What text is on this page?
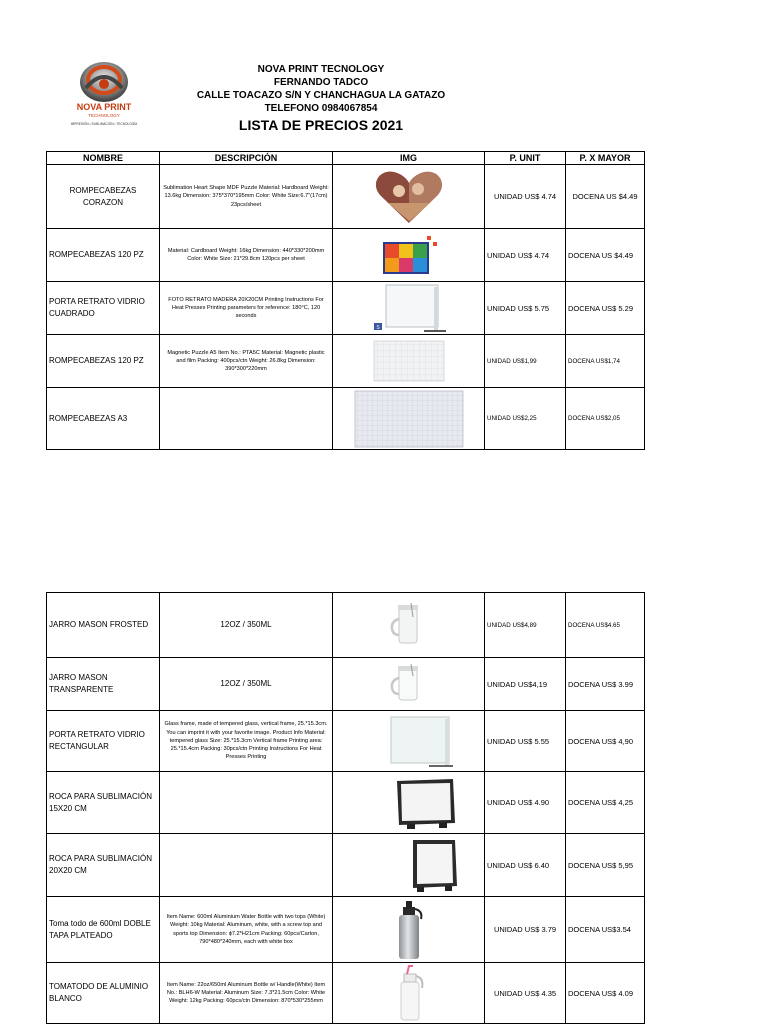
NOVA PRINT
TECHNOLOGY
IMPRESIÓN • SUBLIMACIÓN • TECNOLOGÍA
NOVA PRINT TECNOLOGY
FERNANDO TADCO
CALLE TOACAZO S/N Y CHANCHAGUA LA GATAZO
TELEFONO 0984067854
LISTA DE PRECIOS 2021
NOMBRE	DESCRIPCIÓN	IMG	P. UNIT	P. X MAYOR
ROMPECABEZAS CORAZON	Sublimation Heart Shape MDF Puzzle Material: Hardboard Weight: 13.6kg Dimension: 375*370*195mm Color: White Size:6.7"(17cm) 23pcs/sheet		UNIDAD US$ 4.74	DOCENA US $4.49
ROMPECABEZAS 120 PZ	Material: Cardboard Weight: 16kg Dimension: 440*330*200mm Color: White Size: 21*29.8cm 120pcs per sheet		UNIDAD US$ 4.74	DOCENA US $4.49
PORTA RETRATO VIDRIO CUADRADO	FOTO RETRATO MADERA 20X20CM Printing Instructions For Heat Presses Printing parameters for reference: 180°C, 120 seconds	S	UNIDAD US$ 5.75	DOCENA US$ 5.29
ROMPECABEZAS 120 PZ	Magnetic Puzzle A5 Item No.: PTA5C Material: Magnetic plastic and film Packing: 400pcs/ctn Weight: 26.8kg Dimension: 390*300*220mm		UNIDAD US$1,99	DOCENA US$1,74
ROMPECABEZAS A3			UNIDAD US$2,25	DOCENA US$2,05
JARRO MASON FROSTED	12OZ / 350ML		UNIDAD US$4,89	DOCENA US$4.65
JARRO MASON TRANSPARENTE	12OZ / 350ML		UNIDAD US$4,19	DOCENA US$ 3.99
PORTA RETRATO VIDRIO RECTANGULAR	Glass frame, made of tempered glass, vertical frame, 25.*15.3cm. You can imprint it with your favorite image. Product Info Material: tempered glass Size: 25.*15.3cm Vertical frame Printing area: 25.*15.4cm Packing: 30pcs/ctn Printing Instructions For Heat Presses Printing		UNIDAD US$ 5.55	DOCENA US$ 4,90
ROCA PARA SUBLIMACIÓN 15X20 CM			UNIDAD US$ 4.90	DOCENA US$ 4,25
ROCA PARA SUBLIMACIÓN 20X20 CM			UNIDAD US$ 6.40	DOCENA US$ 5,95
Toma todo de 600ml DOBLE TAPA PLATEADO	Item Name: 600ml Aluminium Water Bottle with two tops (White) Weight: 10kg Material: Aluminum, white, with a screw top and sports top Dimension: ϕ7.2*H21cm Packing: 60pcs/Carton, 790*480*240mm, each with white box		UNIDAD US$ 3.79	DOCENA US$3.54
TOMATODO DE ALUMINIO BLANCO	Item Name: 22oz/650ml Aluminum Bottle w/ Handle(White) Item No.: BLH6-W Material: Aluminum Size: 7.3*21.5cm Color: White Weight: 12kg Packing: 60pcs/ctn Dimension: 870*530*255mm		UNIDAD US$ 4.35	DOCENA US$ 4.09
